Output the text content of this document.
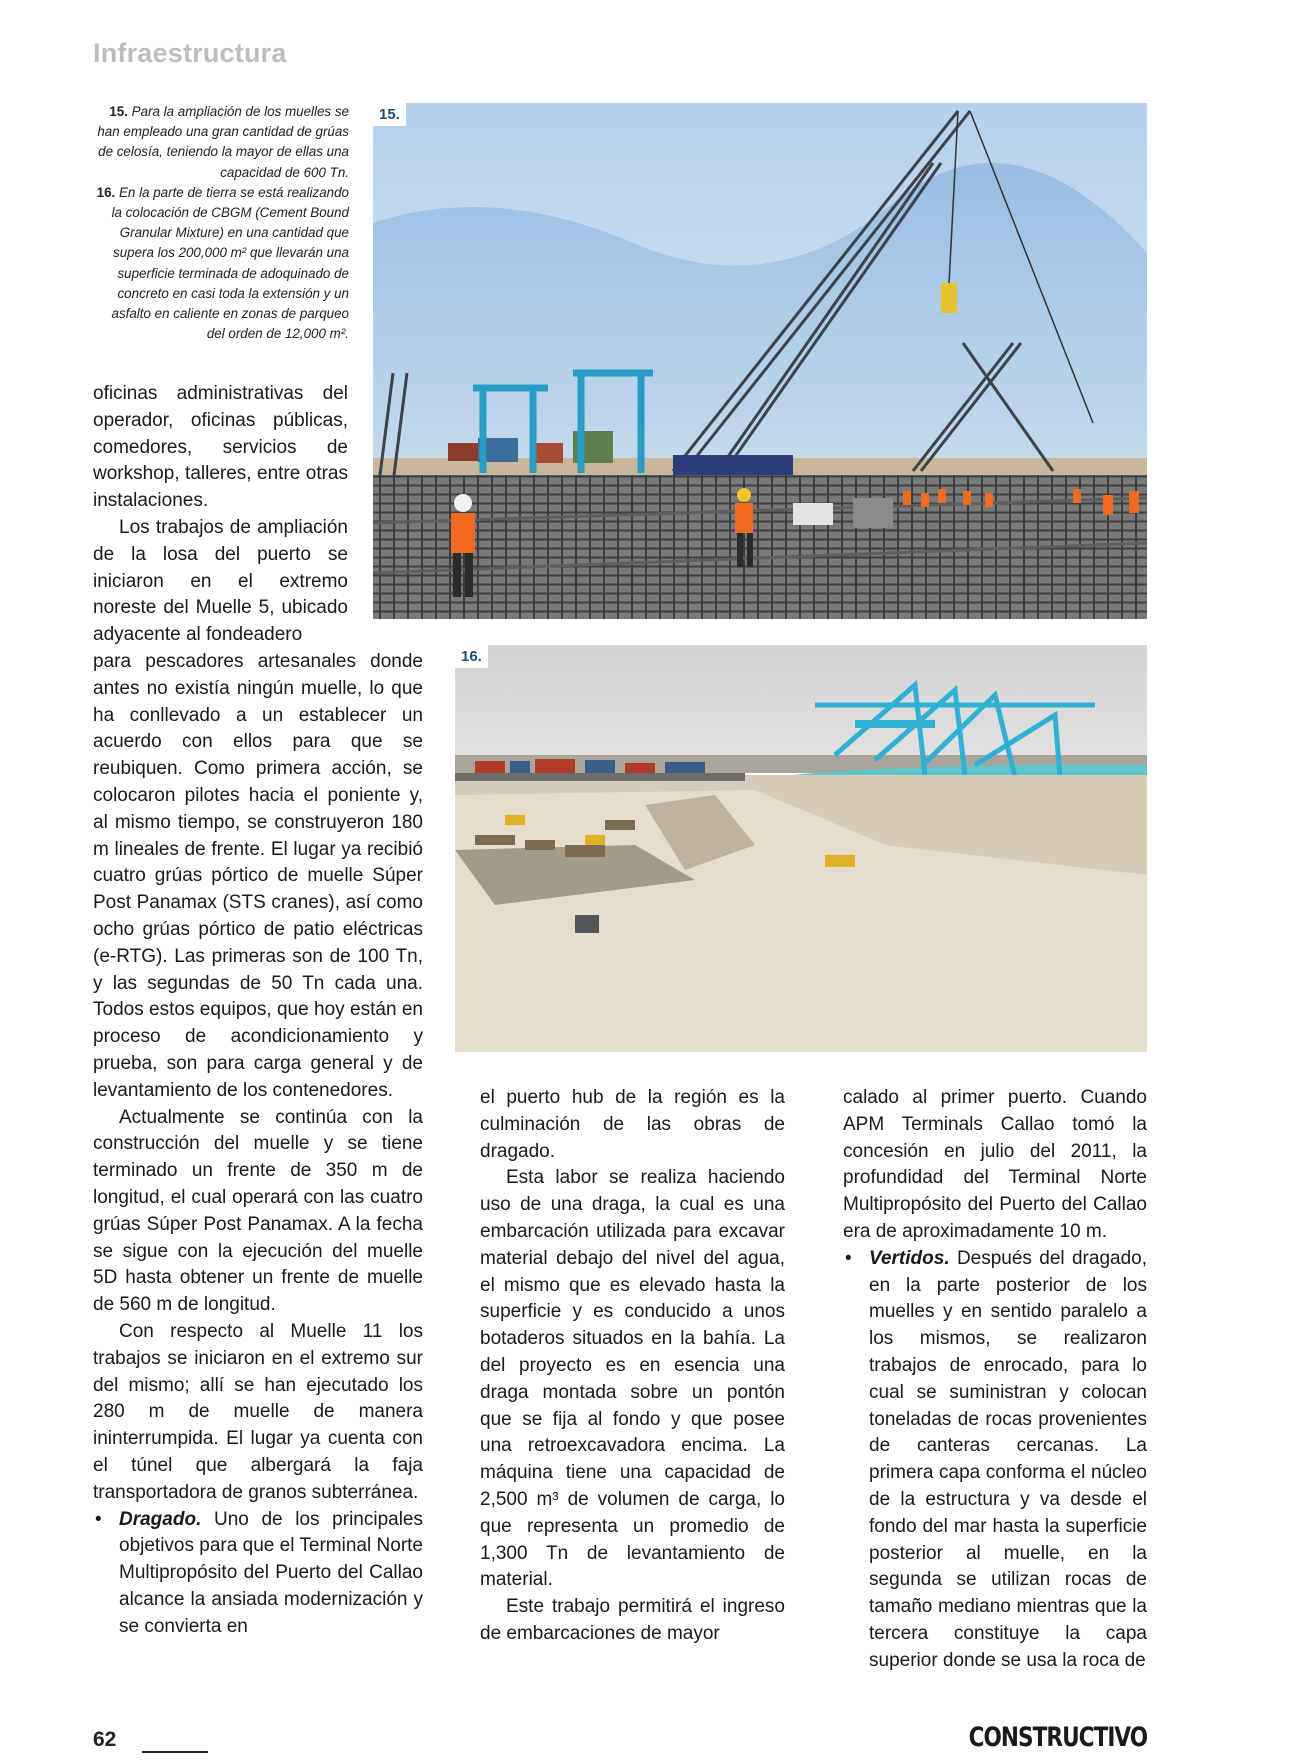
Infraestructura

15. Para la ampliación de los muelles se han empleado una gran cantidad de grúas de celosía, teniendo la mayor de ellas una capacidad de 600 Tn.

16. En la parte de tierra se está realizando la colocación de CBGM (Cement Bound Granular Mixture) en una cantidad que supera los 200,000 m² que llevarán una superficie terminada de adoquinado de concreto en casi toda la extensión y un asfalto en caliente en zonas de parqueo del orden de 12,000 m².

15.
16.

oficinas administrativas del operador, oficinas públicas, comedores, servicios de workshop, talleres, entre otras instalaciones.

Los trabajos de ampliación de la losa del puerto se iniciaron en el extremo noreste del Muelle 5, ubicado adyacente al fondeadero

para pescadores artesanales donde antes no existía ningún muelle, lo que ha conllevado a un establecer un acuerdo con ellos para que se reubiquen. Como primera acción, se colocaron pilotes hacia el poniente y, al mismo tiempo, se construyeron 180 m lineales de frente. El lugar ya recibió cuatro grúas pórtico de muelle Súper Post Panamax (STS cranes), así como ocho grúas pórtico de patio eléctricas (e-RTG). Las primeras son de 100 Tn, y las segundas de 50 Tn cada una. Todos estos equipos, que hoy están en proceso de acondicionamiento y prueba, son para carga general y de levantamiento de los contenedores.

Actualmente se continúa con la construcción del muelle y se tiene terminado un frente de 350 m de longitud, el cual operará con las cuatro grúas Súper Post Panamax. A la fecha se sigue con la ejecución del muelle 5D hasta obtener un frente de muelle de 560 m de longitud.

Con respecto al Muelle 11 los trabajos se iniciaron en el extremo sur del mismo; allí se han ejecutado los 280 m de muelle de manera ininterrumpida. El lugar ya cuenta con el túnel que albergará la faja transportadora de granos subterránea.

• Dragado. Uno de los principales objetivos para que el Terminal Norte Multipropósito del Puerto del Callao alcance la ansiada modernización y se convierta en

el puerto hub de la región es la culminación de las obras de dragado.

Esta labor se realiza haciendo uso de una draga, la cual es una embarcación utilizada para excavar material debajo del nivel del agua, el mismo que es elevado hasta la superficie y es conducido a unos botaderos situados en la bahía. La del proyecto es en esencia una draga montada sobre un pontón que se fija al fondo y que posee una retroexcavadora encima. La máquina tiene una capacidad de 2,500 m³ de volumen de carga, lo que representa un promedio de 1,300 Tn de levantamiento de material.

Este trabajo permitirá el ingreso de embarcaciones de mayor

calado al primer puerto. Cuando APM Terminals Callao tomó la concesión en julio del 2011, la profundidad del Terminal Norte Multipropósito del Puerto del Callao era de aproximadamente 10 m.

• Vertidos. Después del dragado, en la parte posterior de los muelles y en sentido paralelo a los mismos, se realizaron trabajos de enrocado, para lo cual se suministran y colocan toneladas de rocas provenientes de canteras cercanas. La primera capa conforma el núcleo de la estructura y va desde el fondo del mar hasta la superficie posterior al muelle, en la segunda se utilizan rocas de tamaño mediano mientras que la tercera constituye la capa superior donde se usa la roca de

62	CONSTRUCTIVO
